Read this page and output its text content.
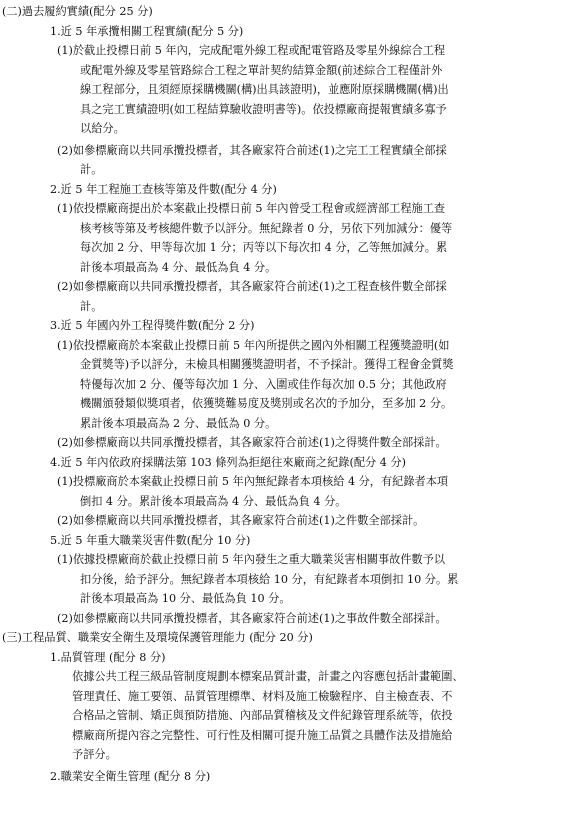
(二)過去履約實績(配分 25 分)
1.近 5 年承攬相關工程實績(配分 5 分)
(1)於截止投標日前 5 年內，完成配電外線工程或配電管路及零星外線綜合工程
或配電外線及零星管路綜合工程之單計契約結算金額(前述綜合工程僅計外
線工程部分，且須經原採購機關(構)出具該證明)，並應附原採購機關(構)出
具之完工實績證明(如工程結算驗收證明書等)。依投標廠商提報實績多寡予
以給分。
(2)如參標廠商以共同承攬投標者，其各廠家符合前述(1)之完工工程實績全部採
計。
2.近 5 年工程施工查核等第及件數(配分 4 分)
(1)依投標廠商提出於本案截止投標日前 5 年內曾受工程會或經濟部工程施工查
核考核等第及考核總件數予以評分。無紀錄者 0 分，另依下列加減分：優等
每次加 2 分、甲等每次加 1 分；丙等以下每次扣 4 分，乙等無加減分。累
計後本項最高為 4 分、最低為負 4 分。
(2)如參標廠商以共同承攬投標者，其各廠家符合前述(1)之工程查核件數全部採
計。
3.近 5 年國內外工程得獎件數(配分 2 分)
(1)依投標廠商於本案截止投標日前 5 年內所提供之國內外相關工程獲獎證明(如
金質獎等)予以評分，未檢具相關獲獎證明者，不予採計。獲得工程會金質獎
特優每次加 2 分、優等每次加 1 分、入圍或佳作每次加 0.5 分；其他政府
機關頒發類似獎項者，依獲獎難易度及獎別或名次的予加分，至多加 2 分。
累計後本項最高為 2 分、最低為 0 分。
(2)如參標廠商以共同承攬投標者，其各廠家符合前述(1)之得獎件數全部採計。
4.近 5 年內依政府採購法第 103 條列為拒絕往來廠商之紀錄(配分 4 分)
(1)投標廠商於本案截止投標日前 5 年內無紀錄者本項核給 4 分，有紀錄者本項
倒扣 4 分。累計後本項最高為 4 分、最低為負 4 分。
(2)如參標廠商以共同承攬投標者，其各廠家符合前述(1)之件數全部採計。
5.近 5 年重大職業災害件數(配分 10 分)
(1)依據投標廠商於截止投標日前 5 年內發生之重大職業災害相關事故件數予以
扣分後，給予評分。無紀錄者本項核給 10 分，有紀錄者本項倒扣 10 分。累
計後本項最高為 10 分、最低為負 10 分。
(2)如參標廠商以共同承攬投標者，其各廠家符合前述(1)之事故件數全部採計。
(三)工程品質、職業安全衛生及環境保護管理能力 (配分 20 分)
1.品質管理 (配分 8 分)
依據公共工程三級品管制度規劃本標案品質計畫，計畫之內容應包括計畫範圍、
管理責任、施工要領、品質管理標準、材料及施工檢驗程序、自主檢查表、不
合格品之管制、矯正與預防措施、內部品質稽核及文件紀錄管理系統等，依投
標廠商所提內容之完整性、可行性及相關可提升施工品質之具體作法及措施給
予評分。
2.職業安全衛生管理 (配分 8 分)
